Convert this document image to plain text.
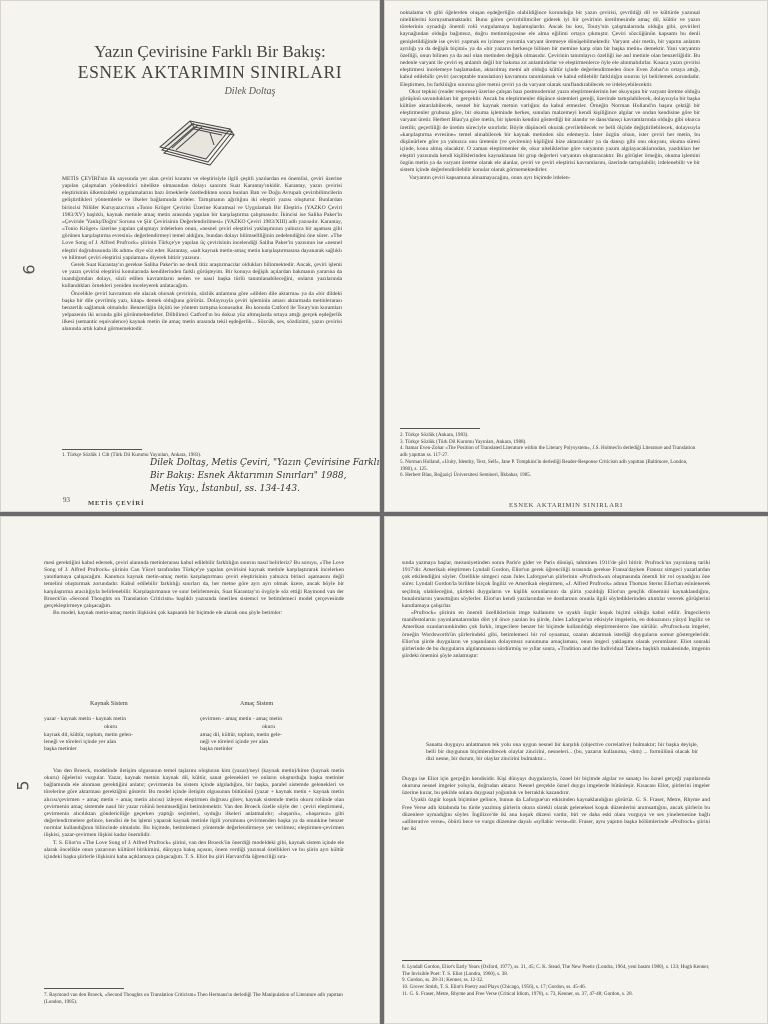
Yazın Çevirisine Farklı Bir Bakış:
ESNEK AKTARIMIN SINIRLARI
Dilek Doltaş

METİS ÇEVİRİ'nin ilk sayısında yer alan çeviri kuramı ve eleştirisiyle ilgili çeşitli yazılardan en önemlisi, çeviri üzerine yapılan çalışmaları yönlendirici nitelikte olmasından dolayı sanırım Suat Karantay'ınkidir. Karantay, yazın çevirisi eleştirisinin ülkemizdeki uygulamalarını bazı örneklerle özetledikten sonra bunları Batı ve Doğu Avrupalı çevirıbilimcilerin geliştirdikleri yöntemlerle ve ilkeler bağlamında irdeler. Tartışmanın ağırlığını iki eleştiri yazısı oluşturur. Bunlardan birincisi Nilüfer Kuruyazıcı'nın «Tonio Kröger Çevirisi Üzerine Kuramsal ve Uygulamalı Bir Eleştiri» (YAZKO Çeviri 1983/XV) başlıklı, kaynak metinle amaç metin arasında yapılan bir karşılaştırma çalışmasıdır. İkincisi ise Saliha Paker'in «Çeviride 'Yanlış/Doğru' Sorunu ve Şiir Çevirisinin Değerlendirilmesi» (YAZKO Çeviri 1983/XIII) adlı yazısıdır. Karantay, «Tonio Kröger» üzerine yapılan çalışmayı irdelerken onun, «nesnel çeviri eleştirisi yaklaşımının yalnızca bir aşaması gibi görünen karşılaştırma evresini» değerlendirmeyi temel aldığını, bundan dolayı bilimsellliğinin zedelendiğini öne sürer. «The Love Song of J. Alfred Prufrock» şiirinin Türkçe'ye yapılan üç çevirisinin incelendiği Saliha Paker'in yazısının ise «nesnel eleştiri doğrultusunda ilk adım» diye söz eder. Karantay, «salt kaynak metin-amaç metin karşılaştırmasına dayanarak sağlıklı ve bilimsel çeviri eleştirisi yapılamaz» diyerek bitirir yazısını.

Gerek Suat Karantay'ın gerekse Saliha Paker'in ne denli titiz araştırmacılar oldukları bilinmektedir. Ancak, çeviri işlemi ve yazın çevirisi eleştirisi konularında kendilerinden farklı görüşteyim. Bir konuya değişik açılardan bakmanın yararına da inandığımdan dolayı, sözü edilen kavramların neden ve nasıl başka türlü tanımlanabileceğini, onların yazılarında kullandıkları örnekleri yeniden inceleyerek anlatacağım.

Öncelikle çeviri kavramını ele alacak olursak çevirinin, sözlük anlamına göre «dilden dile aktarma» ya da «bir dildeki başka bir dile çevrilmiş yazı, kitap» demek olduğunu görürüz. Dolayısıyla çeviri işleminin amacı aktarmada metinlerarası benzerlik sağlamak olmalıdır. Benzerliğin ölçütü ise yöntem tartışma konusudur. Bu konuda Catford ile Toury'nin kuramları yelpazenin iki ucunda gibi görünmektedirler. Dilbilimci Catford'ın bu dokuz yüz altmışlarda ortaya attığı gerçek eşdeğerlik ilkesi (semantic equivalence) kaynak metin ile amaç metin arasında tekil eşdeğerlik... Sözcük, ses, sözdizimi, yazın çevirisi alanında artık kabul görmemektedir.

1. Türkçe Sözlük 1 Cilt (Türk Dil Kurumu Yayınları, Ankara, 1983).
Dilek Doltaş, Metis Çeviri, "Yazın Çevirisine Farklı
Bir Bakış: Esnek Aktarımın Sınırları" 1988,
Metis Yay., İstanbul, ss. 134-143.
93	METİS ÇEVİRİ
6

noktalama vb gibi öğelerden oluşan eşdeğerliğin olabildiğince korunduğu bir yazın çevirisi, çevrildiği dil ve kültürde yazınsal niteliklerini koruyamamaktadır. Bunu gören çevirıbilimciler giderek iyi bir çevirinin üretilmesinde amaç dil, kültür ve yazın törelerinin oynadığı önemli rolü vurgulamaya başlamışlardır. Ancak bu kez, Toury'nin çalışmalarında olduğu gibi, çevirileri kaynağından olduğu bağımsız, doğru metinmişçesine ele alma eğilimi ortaya çıkmıştır. Çeviri sözcüğünün kapsamı bu denli genişletildiğinde ise çeviri yapmak en iyimser yorumla varyant üretmeye dönüşebilmektedir. Varyant «bir metin, bir yapıtın anlatım ayrılığı ya da değişik biçimi» ya da «bir yazarın herkesçe bilinen bir metnine karşı olan bir başka metin» demektir. Yani varyantın özelliği, onun bilinen ya da asıl olan metinden değişik olmasıdır. Çevirinin tanımlayıcı özelliği ise asıl metinle olan benzerliğidir. Bu nedenle varyant ile çeviri eş anlamlı değil bir bakıma zıt anlamlıdırlar ve eleştirmenlerce öyle ele alınmalıdırlar. Kısaca yazın çevirisi eleştirmesi incelemeye başlamadan, aktarılmış metni alt olduğu kültür içinde değerlendirmeden önce Even Zohar'ın ortaya attığı, kabul edilebilir çeviri (acceptable translation) kavramını tanımlamak ve kabul edilebilir farklılığın sınırını iyi belirlemek zorundadır. Eleştirmen, bu farklılığın sınırına göre metni çeviri ya da varyant olarak sınıflandırabilecek ve irdeleyebilecektir.

Okur tepkisi (reader response) üzerine çalışan bazı postmodernist yazın eleştirmenlerinin her okuyuşun bir varyant üretme olduğu görüşünü savundukları bir gerçektir. Ancak bu eleştirmenler düşünce sistemleri gereği, üzerinde tartışılabilecek, dolayısıyla bir başka kültüre aktarılabilecek, nesnel bir kaynak metnin varlığını da kabul etmezler. Örneğin Norman Holland'ın başını çektiği bir eleştirmenler grubuna göre, bir okuma işleminde herkes, sunulan malzemeyi kendi kişiliğince algılar ve ondan kendisine göre bir varyant üretir. Herbert Blau'ya göre metin, bir işkenin kendini gösterdiği bir alandır ve dans/dansçı kavramlarında olduğu gibi okurca üretilir, geçerliliği de üretim süreciyle sınırlıdır. Böyle düşünceli okurak çevrilebilecek ve belli ölçüde değiştirilebilecek, dolayısıyla «karşılaştırma evresine» temel alınabilecek bir kaynak metinden söz edemeyiz. İster özgün olsun, ister çeviri her metin, bu düşünürlere göre ya yalnızca onu üretenin (ve çevirenin) kişiliğini bize aktaracaktır ya da dansçı gibi onu okuyanı, okuma süresi içinde, konu almış olacaktır. O zaman eleştirmenler de, okur niteliklerine göre varyantın yazım algılayacaklarından, yazdıkları her eleştiri yazısında kendi kişiliklerinden kaynaklanan bir grup değerleri varyantın oluşturacaktır. Bu görüşler örneğin, okuma işlemini özgün metin ya da varyant üretme olarak ele alanlar, çeviri ve çeviri eleştirisi kavramlarını, üzerinde tartışılabilir, irdelenebilir ve bir sistem içinde değerlendirilebilir konular olarak görmemektedirler.

Varyantın çeviri kapsamına alınamayacağını, onun ayrı biçimde irdelen-

2. Türkçe Sözlük (Ankara, 1983).
3. Türkçe Sözlük (Türk Dil Kurumu Yayınları, Ankara, 1988).
4. Itamar Even-Zohar «The Position of Translated Literature within the Literary Polysystem», J.S. Holmes'in derlediği Literature and Translation adlı yapıttan ss. 117-27.
5. Norman Holland, «Unity, Identity, Text, Self», Jane P. Tompkins'in derlediği Reader-Response Criticism adlı yapıttan (Baltimore, London, 1980), s. 125.
6. Herbert Blau, Boğaziçi Üniversitesi Semineri, İlkbahar, 1985.
ESNEK AKTARIMIN SINIRLARI

mesi gerektiğini kabul edersek, çeviri alanında metinlerarası kabul edilebilir farklılığın sınırını nasıl belirleriz? Bu soruyu, «The Love Song of J. Alfred Prufrock» şiirinin Can Yücel tarafından Türkçe'ye yapılan çevirisini kaynak metinle karşılaştırarak incelerken yanıtlamaya çalışacağım. Kanımca kaynak metin-amaç metin karşılaştırması çeviri eleştirisinin yalnızca birinci aşamasını değil temelini oluşturmak zorundadır. Kabul edilebilir farklılığı sınırları da, her metne göre ayrı ayrı olmak üzere, ancak böyle bir karşılaştırma aracılığıyla belirlenebilir. Karşılaştırmanın ve sınır belirlemenin, Suat Karantay'ın övgüyle söz ettiği Raymond van der Broeck'ün «Second Thoughts on Translation Criticism» başlıklı yazısında önerilen sistemci ve betimlemeci model çerçevesinde gerçekleştirmeye çalışacağım.

Bu model, kaynak metin-amaç metin ilişkisini çok kapsamlı bir biçimde ele alarak onu şöyle betimler:

Kaynak Sistem	Amaç Sistem
yazar - kaynak metin - kaynak metin
okuru
kaynak dil, kültür, toplum, metin gelen-
leneği ve töreleri içinde yer alan
başka metinler
çevirmen - amaç metin - amaç metin
okuru
amaç dil, kültür, toplum, metin gele-
neği ve töreleri içinde yer alan
başka metinler

Van den Broeck, modelinde iletişim olgusunun temel taşlarını oluşturan kim (yazar)/neyi (kaynak metin)/kime (kaynak metin okuru) öğelerini vurgular. Yazar, kaynak metnin kaynak dil, kültür, sanat gelenekleri ve onların oluşturduğu başka metinler bağlamında ele alınması gerektiğini anlatır; çevirmenin bu sistem içinde algıladığını, bir başka, paralel sistemde gelenekleri ve törelerine göre aktarması gerektiğini gösterir. Bu model içinde iletişim olgusunun bütününü (yazar + kaynak metin + kaynak metin alıcısı/çevirmen + amaç metin + amaç metin alıcısı) izleyen eleştirmen doğrusu görev, kaynak sistemde metin okuru rolünde olan çevirmenin amaç sistemde nasıl bir yazar rolünü benimsediğini betimlemektir. Van den Broeck özelle söyle der : çeviri eleştirmeni, çevirmenin alıcılıktan göndericiliğe geçerken yaptığı seçimleri, uyduğu ilkeleri anlatmalıdır; «başarılı», «başarısız» gibi değerlendirmelere gelince, kendisi de bu işlemi yaparak kaynak metinle ilgili yorumunu çevirmenden başka ya da onunkine benzer normlar kullandığının bilincinde olmalıdır. Bu biçimde, betimlemeci yöntemde değerlendirmeye yer verilmez; eleştirmen-çevirmen ilişkisi, yazar-çevirmen ilişkisi kadar önemlidir.

T. S. Eliot'ın «The Love Song of J. Alfred Prufrock» şiirini, van den Broeck'ün önerdiği modeldeki gibi, kaynak sistem içinde ele alarak öncelikle onun yazarının kültürel birikimini, dünyaya bakış açısını, önem verdiği yazınsal özellikleri ve bu şiirin ayrı kültür içindeki başka şiirlerle ilişkisini kaba açıklamaya çalışacağım. T. S. Eliot bu şiiri Harvard'da öğrenciliği sıra-

7. Raymond van den Broeck, «Second Thoughts on Translation Criticism» Theo Hermans'ın derlediği The Manipulation of Literature adlı yapıttan (London, 1985).
5

sında yazmaya başlar, mezuniyetinden sonra Paris'e gider ve Paris dönüşü, tahminen 1911'de şiiri bitirir. Prufrock'un yayınlanış tarihi 1917'dir. Amerikalı eleştirmen Lyndall Gordon, Eliot'un gerek öğrenciliği sırasında gerekse Fransa'dayken Fransız simgeci yazarlardan çok etkilendiğini söyler. Özellikle simgeci ozan Jules Laforgue'un şiirlerinin «Prufrock»un oluşmasında önemli bir rol oynadığını öne sürer. Lyndall Gordon'la birlikte birçok İngiliz ve Amerikalı eleştirmen, «J. Alfred Prufrock» adının Thomas Sterns Eliot'tan esinlenerek seçilmiş olabileceğini, şiirdeki duyguların ve kişilik sorunlarının da şiirin yazıldığı Eliot'un gençlik dönemini kaynaklandığını, bunalımlarını yansıttığını söylerler. Eliot'un kendi yazılarından ve dostlarının onunla ilgili söylediklerinden alıntılar vererek görüşlerini kanıtlamaya çalışırlar.

«Prufrock» şiirinin en önemli özelliklerinin imge kullanımı ve uyaklı özgür koşuk biçimi olduğu kabul edilir. İmgecilerin manifestolarını yayınlamalarından dört yıl önce yazılan bu şiirde, Jules Laforgue'un etkisiyle imgelerin, en dokuzuncu yüzyıl İngiliz ve Amerikan ozanlarınınkinden çok farklı, imgecilere benzer bir biçimde kullanıldığı eleştirmenlerce öne sürülür. «Prufrock»ta imgeler, örneğin Wordsworth'ün şiirlerindeki gibi, betimlemeci bir rol oynamaz, ozanın aktarmak istediği duyguların somut göstergeleridir. Eliot'un şiirde duyguların ve yaşanılanın dolayımsız sunumunu amaçlaması, onun imgeci yaklaşımı olarak yorumlanır. Eliot sonraki şiirlerinde de bu duyguların algılanmasını sürdürmüş ve yıllar sonra, «Tradition and the Individual Talent» başlıklı makalesinde, imgenin şiirdeki önemini şöyle anlatmıştır:

Sanatta duyguyu anlatmanın tek yolu ona uygun nesnel bir karşılık (objective correlative) bulmaktır; bir başka deyişle, belli bir duygunun biçimlendirecek olaylar zincirini, nesneleri... (bu, yazarın kullanıma, -dım) ... formülünü olacak bir dizi nesne, bir durum, bir olaylar zincirini bulmaktır...

Duygu ise Eliot için gerçeğin kendisidir. Kişi dünyayı duygularıyla, öznel bir biçimde algılar ve sanatçı bu öznel gerçeği yapıtlarında okuruna nesnel imgeler yoluyla, doğrudan aktarır. Nesnel gerçekle öznel duygu imgelerde bütünleşir. Kısacası Eliot, şiirlerini imgeler üzerine kurar, bu şekilde onlara duygusal yoğunluk ve berraklık kazandırır.

Uyaklı özgür koşuk biçimine gelince, bunun da Laforgue'un etkisinden kaynaklandığını görürüz. G. S. Fraser, Metre, Rhyme and Free Verse adlı kitabında bu türde yazılmış şiirlerin okura sürekli olarak geleneksel koşuk düzenlerini anımsattığını, ancak şiirlerin bu düzenlere uymadığını söyler. İngilizce'de iki ana koşuk düzeni vardır, biri ve daha eski olanı vurguya ve ses yinelemesine bağlı «alliterative verse», öbürü hece ve vurgu düzenine dayalı «syllabic verse»dir. Fraser, aynı yapıtın başka bölümlerinde «Prufrock» şiirini her iki

8. Lyndall Gordon, Eliot's Early Years (Oxford, 1977), ss. 31, 45; C. K. Stead, The New Poetic (Londra, 1964, yeni basım 1980), s. 133; Hugh Kenner, The Invisible Poet: T. S. Eliot (Londra, 1960), s. 38.
9. Gordon, ss. 28-31; Kenner, ss. 12-32.
10. Grover Smith, T. S. Eliot's Poetry and Plays (Chicago, 1956), s. 17; Gordon, ss. 45-46.
11. G. S. Fraser, Metre, Rhyme and Free Verse (Critical Idiom, 1970), s. 73, Kenner, ss. 37, 47-48; Gordon, s. 28.
